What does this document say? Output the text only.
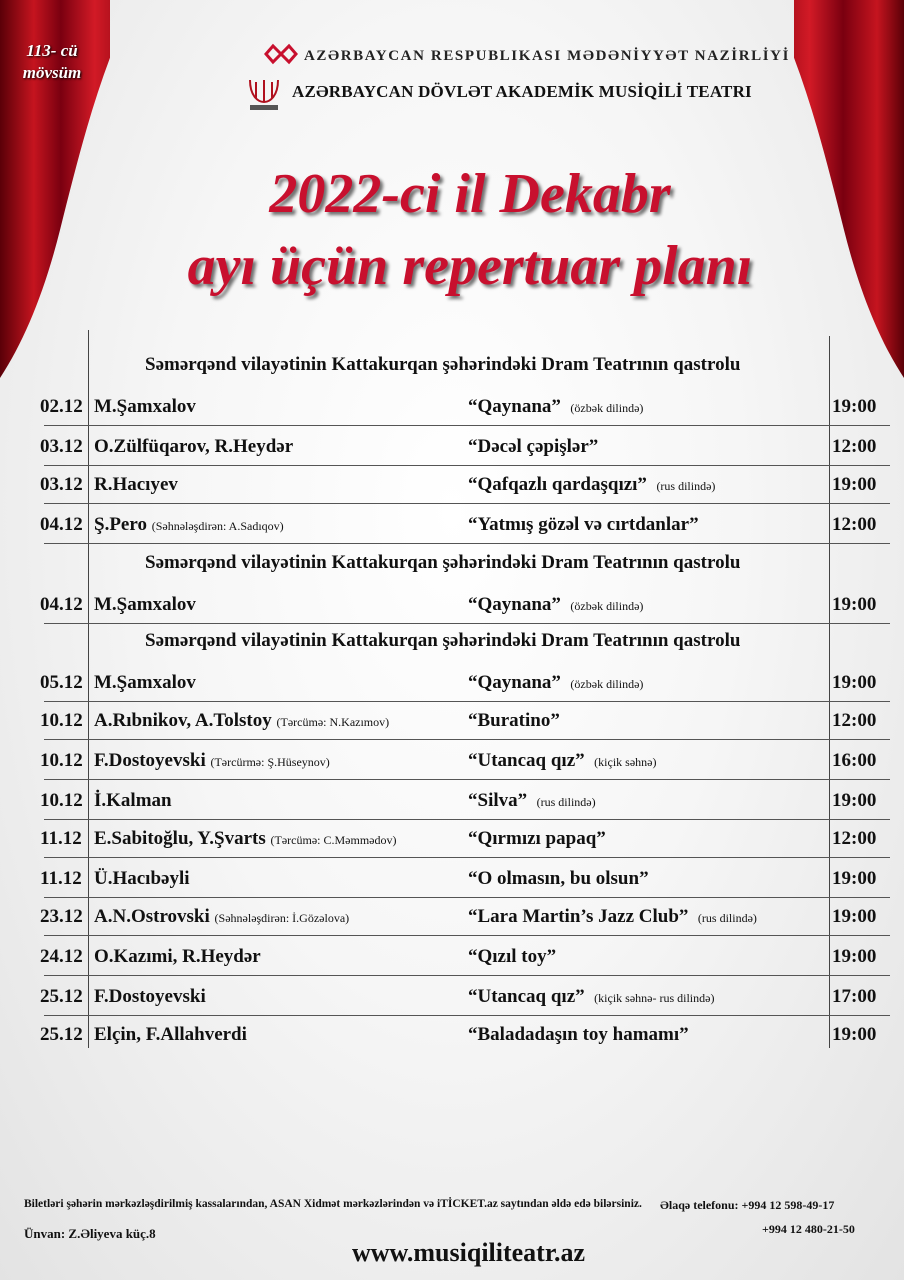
113- cü
mövsüm
AZƏRBAYCAN RESPUBLIKASI MƏDƏNİYYƏT NAZİRLİYİ
AZƏRBAYCAN DÖVLƏT AKADEMİK MUSİQİLİ TEATRI
2022-ci il Dekabr
ayı üçün repertuar planı
Səmərqənd vilayətinin Kattakurqan şəhərindəki Dram Teatrının qastrolu
Səmərqənd vilayətinin Kattakurqan şəhərindəki Dram Teatrının qastrolu
Səmərqənd vilayətinin Kattakurqan şəhərindəki Dram Teatrının qastrolu
02.12 M.Şamxalov	“Qaynana” (özbək dilində)	19:00
03.12 O.Zülfüqarov, R.Heydər	“Dəcəl çəpişlər”	12:00
03.12 R.Hacıyev	“Qafqazlı qardaşqızı” (rus dilində)	19:00
04.12 Ş.Pero (Səhnələşdirən: A.Sadıqov)	“Yatmış gözəl və cırtdanlar”	12:00
04.12 M.Şamxalov	“Qaynana” (özbək dilində)	19:00
05.12 M.Şamxalov	“Qaynana” (özbək dilində)	19:00
10.12 A.Rıbnikov, A.Tolstoy (Tərcümə: N.Kazımov)	“Buratino”	12:00
10.12 F.Dostoyevski (Tərcürmə: Ş.Hüseynov)	“Utancaq qız” (kiçik səhnə)	16:00
10.12 İ.Kalman	“Silva” (rus dilində)	19:00
11.12 E.Sabitoğlu, Y.Şvarts (Tərcümə: C.Məmmədov)	“Qırmızı papaq”	12:00
11.12 Ü.Hacıbəyli	“O olmasın, bu olsun”	19:00
23.12 A.N.Ostrovski (Səhnələşdirən: İ.Gözəlova)	“Lara Martin’s Jazz Club” (rus dilində)	19:00
24.12 O.Kazımi, R.Heydər	“Qızıl toy”	19:00
25.12 F.Dostoyevski	“Utancaq qız” (kiçik səhnə- rus dilində)	17:00
25.12 Elçin, F.Allahverdi	“Baladadaşın toy hamamı”	19:00
Biletləri şəhərin mərkəzləşdirilmiş kassalarından, ASAN Xidmət mərkəzlərindən və iTİCKET.az saytından əldə edə bilərsiniz. Əlaqə telefonu: +994 12 598-49-17
+994 12 480-21-50
Ünvan: Z.Əliyeva küç.8
www.musiqiliteatr.az
